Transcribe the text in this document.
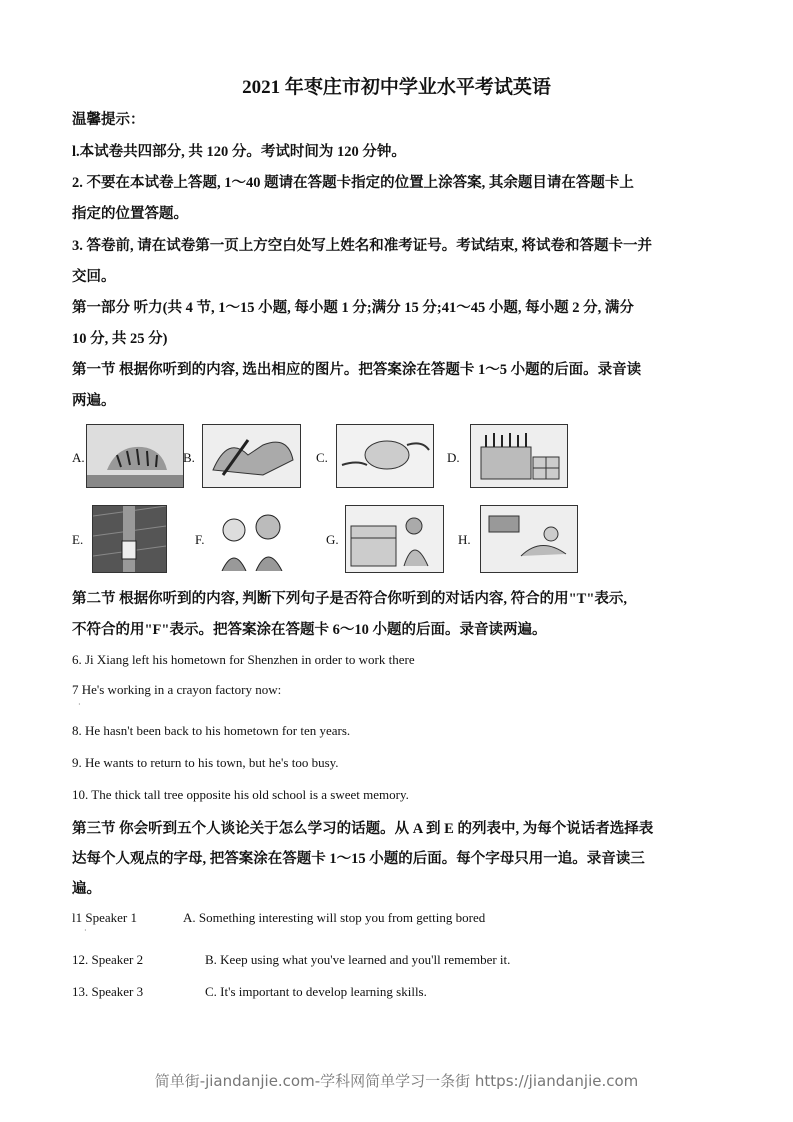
2021 年枣庄市初中学业水平考试英语
温馨提示：
l.本试卷共四部分, 共 120 分。考试时间为 120 分钟。
2. 不要在本试卷上答题, 1～40 题请在答题卡指定的位置上涂答案, 其余题目请在答题卡上
指定的位置答题。
3. 答卷前, 请在试卷第一页上方空白处写上姓名和准考证号。考试结束, 将试卷和答题卡一并
交回。
第一部分 听力(共 4 节, 1～15 小题, 每小题 1 分;满分 15 分;41～45 小题, 每小题 2 分, 满分
10 分, 共 25 分)
第一节 根据你听到的内容, 选出相应的图片。把答案涂在答题卡 1～5 小题的后面。录音读
两遍。
A.	B.	C.	D.
E.	F.	G.	H.
第二节 根据你听到的内容, 判断下列句子是否符合你听到的对话内容, 符合的用"T"表示,
不符合的用"F"表示。把答案涂在答题卡 6～10 小题的后面。录音读两遍。
6. Ji Xiang left his hometown for Shenzhen in order to work there
7 He's working in a crayon factory now:
·
8. He hasn't been back to his hometown for ten years.
9. He wants to return to his town, but he's too busy.
10. The thick tall tree opposite his old school is a sweet memory.
第三节 你会听到五个人谈论关于怎么学习的话题。从 A 到 E 的列表中, 为每个说话者选择表
达每个人观点的字母, 把答案涂在答题卡 1～15 小题的后面。每个字母只用一追。录音读三
遍。
l1 Speaker 1	A. Something interesting will stop you from getting bored
·
12. Speaker 2	B. Keep using what you've learned and you'll remember it.
13. Speaker 3	C. It's important to develop learning skills.
简单街-jiandanjie.com-学科网简单学习一条街 https://jiandanjie.com
